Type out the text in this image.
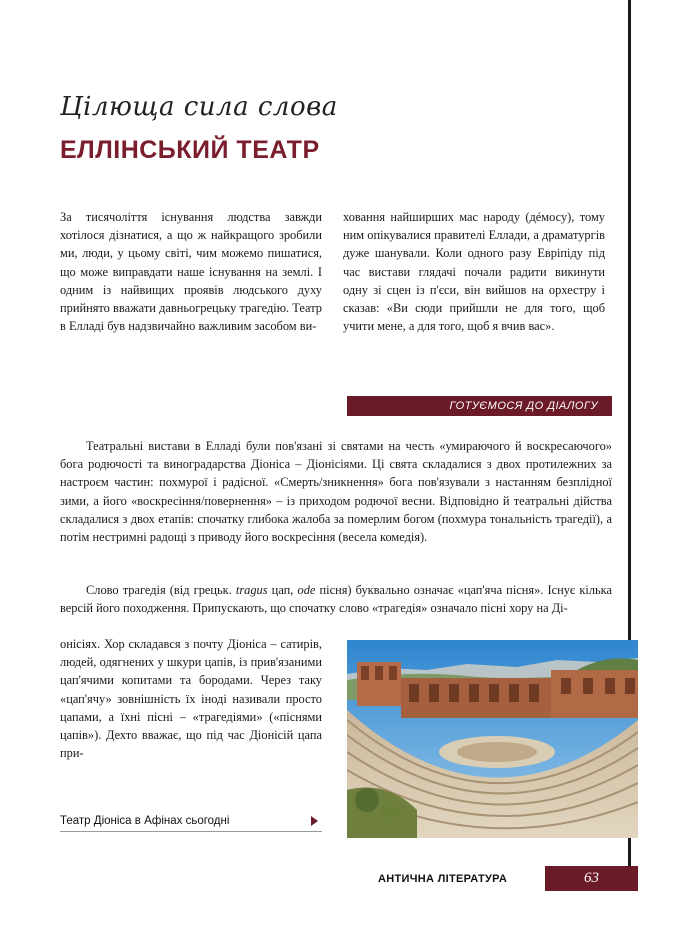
Цілюща сила слова
ЕЛЛІНСЬКИЙ ТЕАТР

За тисячоліття існування людства завжди хотілося дізнатися, а що ж найкращого зробили ми, люди, у цьому світі, чим можемо пишатися, що може виправдати наше існування на землі. І одним із найвищих проявів людського духу прийнято вважати давньогрецьку трагедію. Театр в Елладі був надзвичайно важливим засобом ви-

ховання найширших мас народу (дéмосу), тому ним опікувалися правителі Еллади, а драматургів дуже шанували. Коли одного разу Евріпіду під час вистави глядачі почали радити викинути одну зі сцен із п'єси, він вийшов на орхестру і сказав: «Ви сюди прийшли не для того, щоб учити мене, а для того, щоб я вчив вас».

ГОТУЄМОСЯ ДО ДІАЛОГУ

Театральні вистави в Елладі були пов'язані зі святами на честь «умираючого й воскресаючого» бога родючості та виноградарства Діоніса – Діонісіями. Ці свята складалися з двох протилежних за настроєм частин: похмурої і радісної. «Смерть/зникнення» бога пов'язували з настанням безплідної зими, а його «воскресіння/повернення» – із приходом родючої весни. Відповідно й театральні дійства складалися з двох етапів: спочатку глибока жалоба за померлим богом (похмура тональність трагедії), а потім нестримні радощі з приводу його воскресіння (весела комедія).

Слово трагедія (від грецьк. tragus цап, ode пісня) буквально означає «цап'яча пісня». Існує кілька версій його походження. Припускають, що спочатку слово «трагедія» означало пісні хору на Ді-

онісіях. Хор складався з почту Діоніса – сатирів, людей, одягнених у шкури цапів, із прив'язаними цап'ячими копитами та бородами. Через таку «цап'ячу» зовнішність їх іноді називали просто цапами, а їхні пісні – «трагедіями» («піснями цапів»). Дехто вважає, що під час Діонісій цапа при-

Театр Діоніса в Афінах сьогодні
АНТИЧНА ЛІТЕРАТУРА	63
